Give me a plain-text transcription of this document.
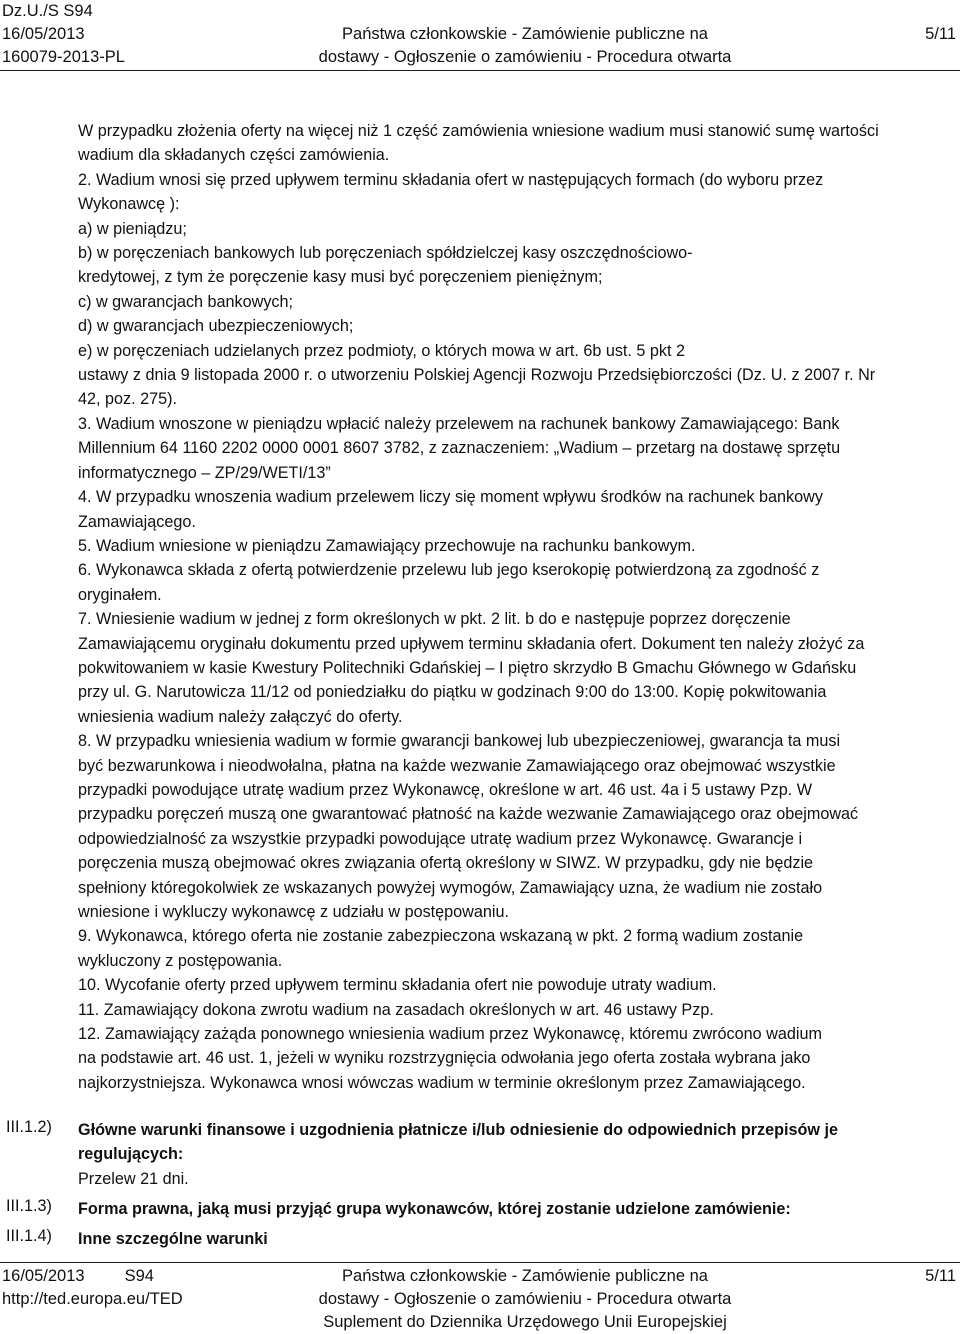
Dz.U./S S94
16/05/2013
160079-2013-PL
Państwa członkowskie - Zamówienie publiczne na
dostawy - Ogłoszenie o zamówieniu - Procedura otwarta
5/11

W przypadku złożenia oferty na więcej niż 1 część zamówienia wniesione wadium musi stanowić sumę wartości

wadium dla składanych części zamówienia.

2. Wadium wnosi się przed upływem terminu składania ofert w następujących formach (do wyboru przez

Wykonawcę ):

a) w pieniądzu;

b) w poręczeniach bankowych lub poręczeniach spółdzielczej kasy oszczędnościowo-

kredytowej, z tym że poręczenie kasy musi być poręczeniem pieniężnym;

c) w gwarancjach bankowych;

d) w gwarancjach ubezpieczeniowych;

e) w poręczeniach udzielanych przez podmioty, o których mowa w art. 6b ust. 5 pkt 2

ustawy z dnia 9 listopada 2000 r. o utworzeniu Polskiej Agencji Rozwoju Przedsiębiorczości (Dz. U. z 2007 r. Nr

42, poz. 275).

3. Wadium wnoszone w pieniądzu wpłacić należy przelewem na rachunek bankowy Zamawiającego: Bank

Millennium 64 1160 2202 0000 0001 8607 3782, z zaznaczeniem: „Wadium – przetarg na dostawę sprzętu

informatycznego – ZP/29/WETI/13”

4. W przypadku wnoszenia wadium przelewem liczy się moment wpływu środków na rachunek bankowy

Zamawiającego.

5. Wadium wniesione w pieniądzu Zamawiający przechowuje na rachunku bankowym.

6. Wykonawca składa z ofertą potwierdzenie przelewu lub jego kserokopię potwierdzoną za zgodność z

oryginałem.

7. Wniesienie wadium w jednej z form określonych w pkt. 2 lit. b do e następuje poprzez doręczenie

Zamawiającemu oryginału dokumentu przed upływem terminu składania ofert. Dokument ten należy złożyć za

pokwitowaniem w kasie Kwestury Politechniki Gdańskiej – I piętro skrzydło B Gmachu Głównego w Gdańsku

przy ul. G. Narutowicza 11/12 od poniedziałku do piątku w godzinach 9:00 do 13:00. Kopię pokwitowania

wniesienia wadium należy załączyć do oferty.

8. W przypadku wniesienia wadium w formie gwarancji bankowej lub ubezpieczeniowej, gwarancja ta musi

być bezwarunkowa i nieodwołalna, płatna na każde wezwanie Zamawiającego oraz obejmować wszystkie

przypadki powodujące utratę wadium przez Wykonawcę, określone w art. 46 ust. 4a i 5 ustawy Pzp. W

przypadku poręczeń muszą one gwarantować płatność na każde wezwanie Zamawiającego oraz obejmować

odpowiedzialność za wszystkie przypadki powodujące utratę wadium przez Wykonawcę. Gwarancje i

poręczenia muszą obejmować okres związania ofertą określony w SIWZ. W przypadku, gdy nie będzie

spełniony któregokolwiek ze wskazanych powyżej wymogów, Zamawiający uzna, że wadium nie zostało

wniesione i wykluczy wykonawcę z udziału w postępowaniu.

9. Wykonawca, którego oferta nie zostanie zabezpieczona wskazaną w pkt. 2 formą wadium zostanie

wykluczony z postępowania.

10. Wycofanie oferty przed upływem terminu składania ofert nie powoduje utraty wadium.

11. Zamawiający dokona zwrotu wadium na zasadach określonych w art. 46 ustawy Pzp.

12. Zamawiający zażąda ponownego wniesienia wadium przez Wykonawcę, któremu zwrócono wadium

na podstawie art. 46 ust. 1, jeżeli w wyniku rozstrzygnięcia odwołania jego oferta została wybrana jako

najkorzystniejsza. Wykonawca wnosi wówczas wadium w terminie określonym przez Zamawiającego.

III.1.2) Główne warunki finansowe i uzgodnienia płatnicze i/lub odniesienie do odpowiednich przepisów je
regulujących:
Przelew 21 dni.
III.1.3) Forma prawna, jaką musi przyjąć grupa wykonawców, której zostanie udzielone zamówienie:
III.1.4) Inne szczególne warunki
16/05/2013 S94
http://ted.europa.eu/TED
Państwa członkowskie - Zamówienie publiczne na
dostawy - Ogłoszenie o zamówieniu - Procedura otwarta
Suplement do Dziennika Urzędowego Unii Europejskiej
5/11
